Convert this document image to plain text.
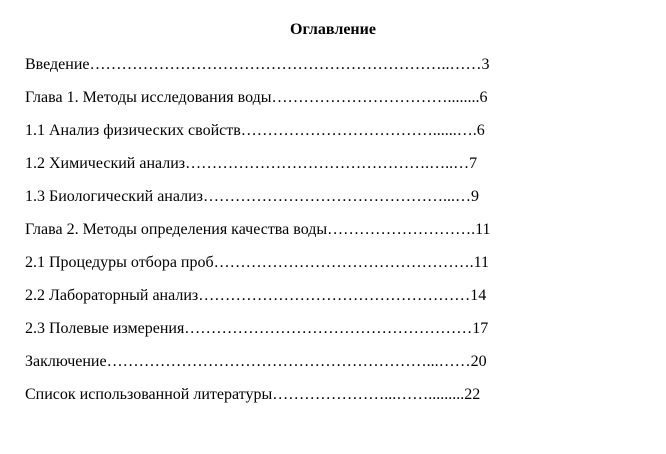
Оглавление
Введение…………………………………………………………..……3
Глава 1. Методы исследования воды……………………………........6
1.1 Анализ физических свойств………………………………......….6
1.2 Химический анализ……………………………………….…..…7
1.3 Биологический анализ………………………………………...…9
Глава 2. Методы определения качества воды……………………….11
2.1 Процедуры отбора проб………………………………………….11
2.2 Лабораторный анализ……………………………………………14
2.3 Полевые измерения………………………………………………17
Заключение……………………………………………………...……20
Список использованной литературы…………………...…….........22
